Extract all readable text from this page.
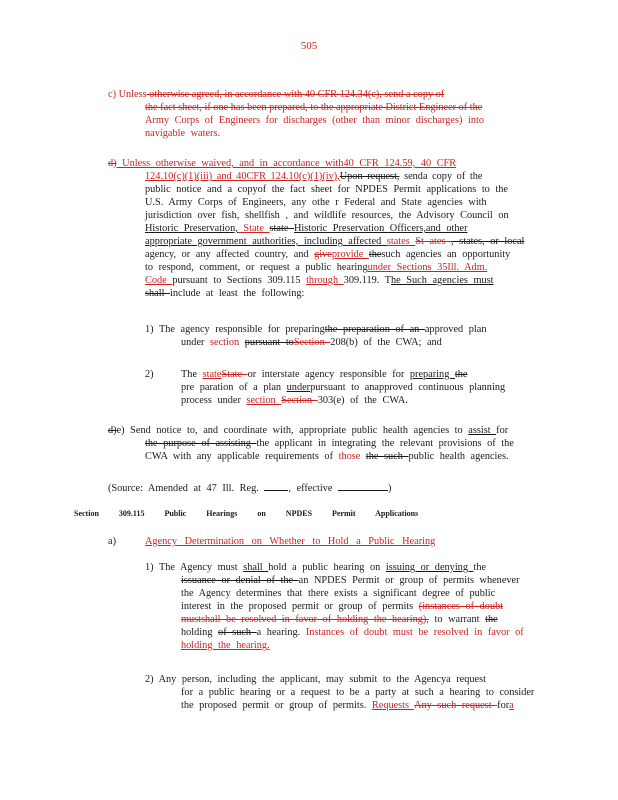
505
c) Unless otherwise agreed, in accordance with 40 CFR 124.34(c), send a copy of
the fact sheet, if one has been prepared, to the appropriate District Engineer of the
Army Corps of Engineers for discharges (other than minor discharges) into
navigable waters.
d) Unless otherwise waived, and in accordance with40 CFR 124.59, 40 CFR
124.10(c)(1)(iii) and 40CFR 124.10(c)(1)(iv),Upon request, senda copy of the
public notice and a copyof the fact sheet for NPDES Permit applications to the
U.S. Army Corps of Engineers, any othe r Federal and State agencies with
jurisdiction over fish, shellfish , and wildlife resources, the Advisory Council on
Historic Preservation, State state Historic Preservation Officers,and other
appropriate government authorities, including affected states St ates , states, or local
agency, or any affected country, and giveprovide thesuch agencies an opportunity
to respond, comment, or request a public hearingunder Sections 35Ill. Adm.
Code pursuant to Sections 309.115 through 309.119. The Such agencies must
shall include at least the following:
1) The agency responsible for preparingthe preparation of an approved plan
under section pursuant toSection 208(b) of the CWA; and
2)	The stateState or interstate agency responsible for preparing the
pre paration of a plan underpursuant to anapproved continuous planning
process under section Section 303(e) of the CWA.
d)e) Send notice to, and coordinate with, appropriate public health agencies to assist for
the purpose of assisting the applicant in integrating the relevant provisions of the
CWA with any applicable requirements of those the such public health agencies.
(Source: Amended at 47 Ill. Reg.	, effective	)
Section 309.115 Public Hearings on NPDES Permit Applications
a)	Agency Determination on Whether to Hold a Public Hearing
1) The Agency must shall hold a public hearing on issuing or denying the
issuance or denial of the an NPDES Permit or group of permits whenever
the Agency determines that there exists a significant degree of public
interest in the proposed permit or group of permits (instances of doubt
mustshall be resolved in favor of holding the hearing), to warrant the
holding of such a hearing. Instances of doubt must be resolved in favor of
holding the hearing.
2) Any person, including the applicant, may submit to the Agencya request
for a public hearing or a request to be a party at such a hearing to consider
the proposed permit or group of permits. Requests Any such request fora
